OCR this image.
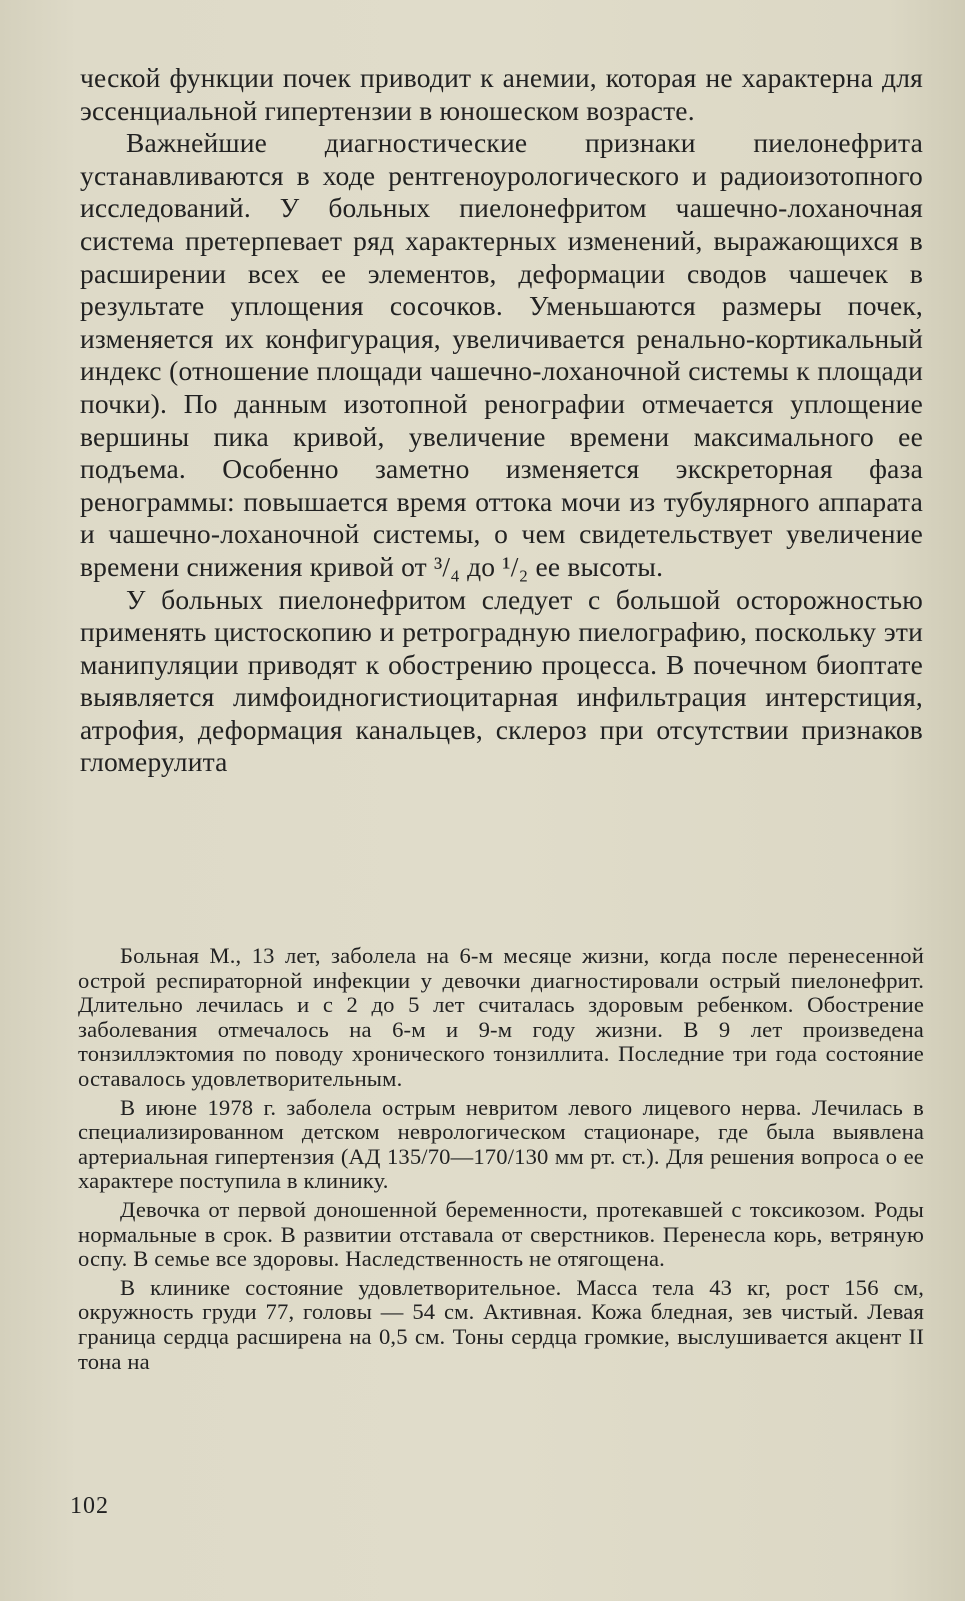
ческой функции почек приводит к анемии, которая не характерна для эссенциальной гипертензии в юношеском возрасте.

Важнейшие диагностические признаки пиелонефрита устанавливаются в ходе рентгеноурологического и радиоизотопного исследований. У больных пиелонефритом чашечно-лоханочная система претерпевает ряд характерных изменений, выражающихся в расширении всех ее элементов, деформации сводов чашечек в результате уплощения сосочков. Уменьшаются размеры почек, изменяется их конфигурация, увеличивается ренально-кортикальный индекс (отношение площади чашечно-лоханочной системы к площади почки). По данным изотопной ренографии отмечается уплощение вершины пика кривой, увеличение времени максимального ее подъема. Особенно заметно изменяется экскреторная фаза ренограммы: повышается время оттока мочи из тубулярного аппарата и чашечно-лоханочной системы, о чем свидетельствует увеличение времени снижения кривой от ³/₄ до ¹/₂ ее высоты.

У больных пиелонефритом следует с большой осторожностью применять цистоскопию и ретроградную пиелографию, поскольку эти манипуляции приводят к обострению процесса. В почечном биоптате выявляется лимфоидногистиоцитарная инфильтрация интерстиция, атрофия, деформация канальцев, склероз при отсутствии признаков гломерулита

Больная М., 13 лет, заболела на 6-м месяце жизни, когда после перенесенной острой респираторной инфекции у девочки диагностировали острый пиелонефрит. Длительно лечилась и с 2 до 5 лет считалась здоровым ребенком. Обострение заболевания отмечалось на 6-м и 9-м году жизни. В 9 лет произведена тонзиллэктомия по поводу хронического тонзиллита. Последние три года состояние оставалось удовлетворительным.

В июне 1978 г. заболела острым невритом левого лицевого нерва. Лечилась в специализированном детском неврологическом стационаре, где была выявлена артериальная гипертензия (АД 135/70—170/130 мм рт. ст.). Для решения вопроса о ее характере поступила в клинику.

Девочка от первой доношенной беременности, протекавшей с токсикозом. Роды нормальные в срок. В развитии отставала от сверстников. Перенесла корь, ветряную оспу. В семье все здоровы. Наследственность не отягощена.

В клинике состояние удовлетворительное. Масса тела 43 кг, рост 156 см, окружность груди 77, головы — 54 см. Активная. Кожа бледная, зев чистый. Левая граница сердца расширена на 0,5 см. Тоны сердца громкие, выслушивается акцент II тона на

102
